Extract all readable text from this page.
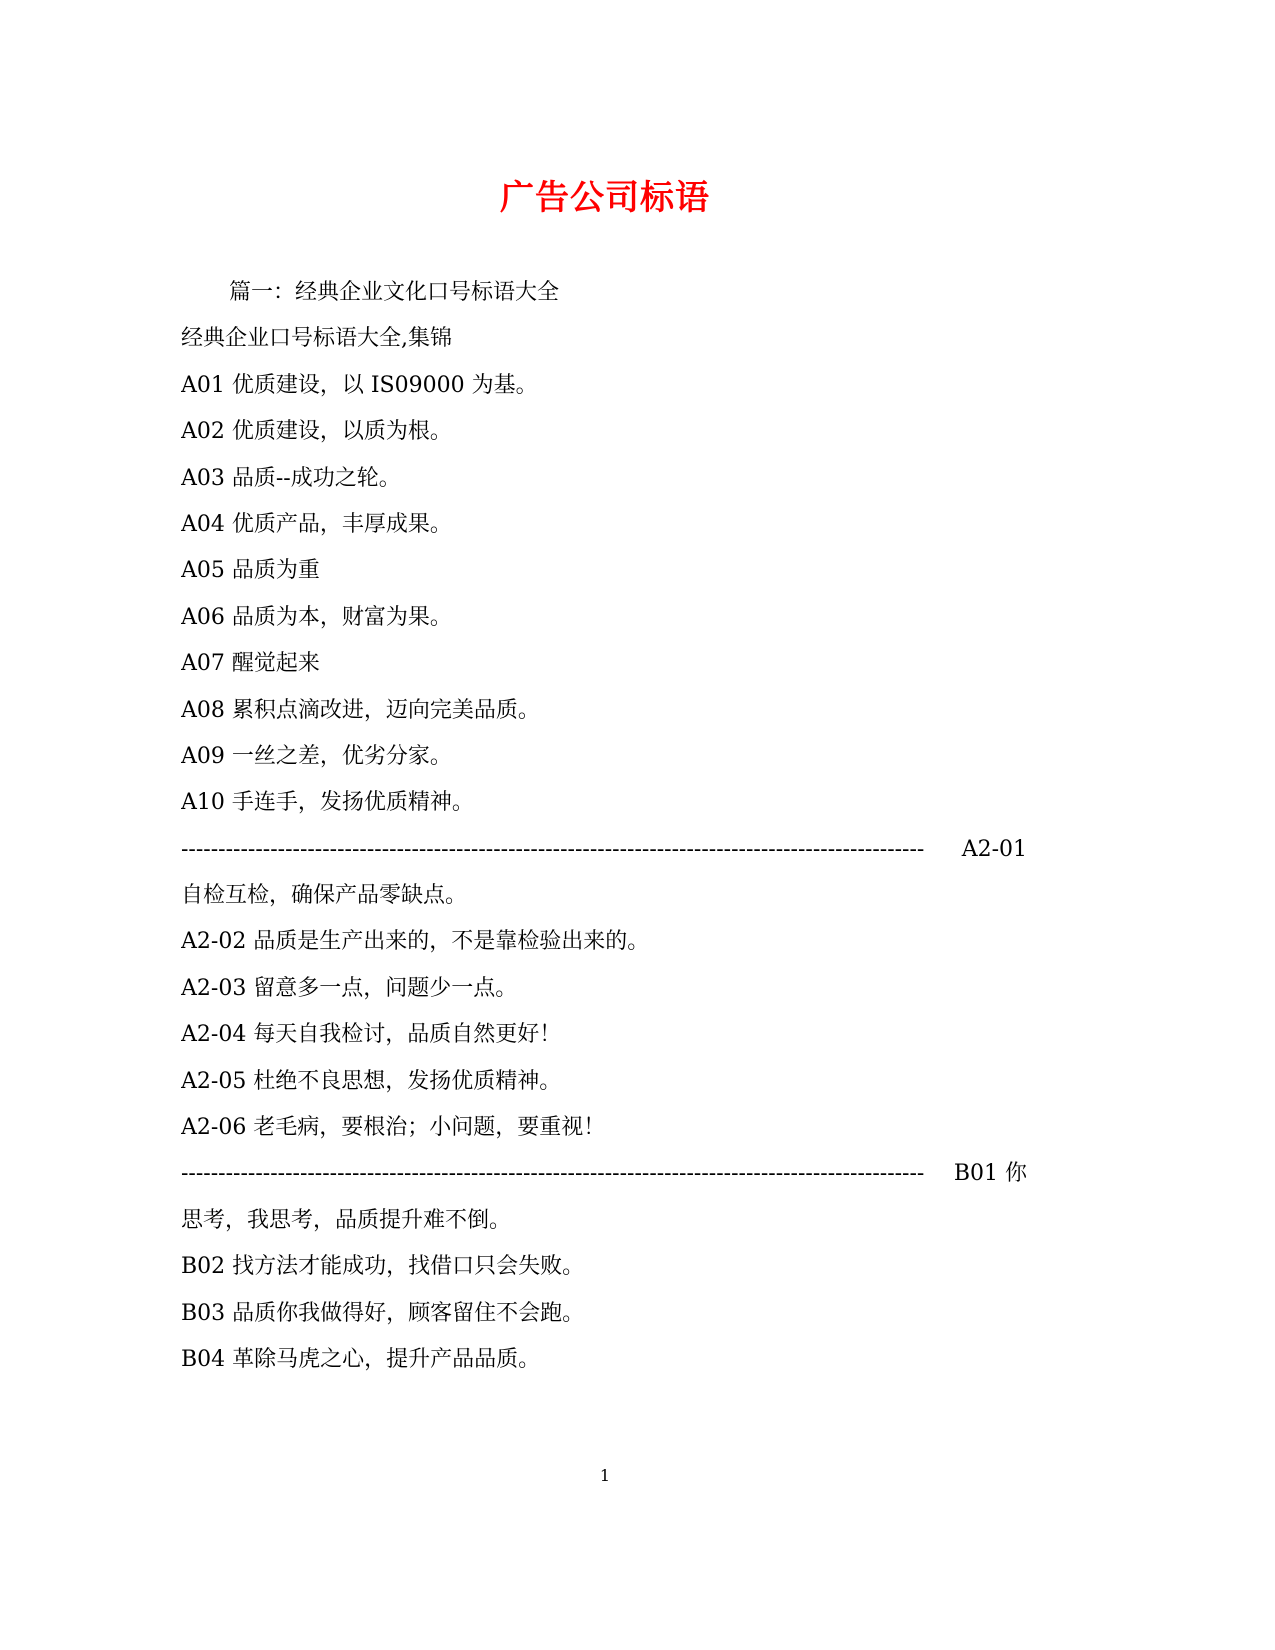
广告公司标语
篇一：经典企业文化口号标语大全
经典企业口号标语大全,集锦
A01 优质建设，以 IS09000 为基。
A02 优质建设，以质为根。
A03 品质--成功之轮。
A04 优质产品，丰厚成果。
A05 品质为重
A06 品质为本，财富为果。
A07 醒觉起来
A08 累积点滴改进，迈向完美品质。
A09 一丝之差，优劣分家。
A10 手连手，发扬优质精神。
----------------------------------------------------------------------------------------------------	A2-01
自检互检，确保产品零缺点。
A2-02 品质是生产出来的，不是靠检验出来的。
A2-03 留意多一点，问题少一点。
A2-04 每天自我检讨，品质自然更好！
A2-05 杜绝不良思想，发扬优质精神。
A2-06 老毛病，要根治；小问题，要重视！
----------------------------------------------------------------------------------------------------	B01 你
思考，我思考，品质提升难不倒。
B02 找方法才能成功，找借口只会失败。
B03 品质你我做得好，顾客留住不会跑。
B04 革除马虎之心，提升产品品质。
1
